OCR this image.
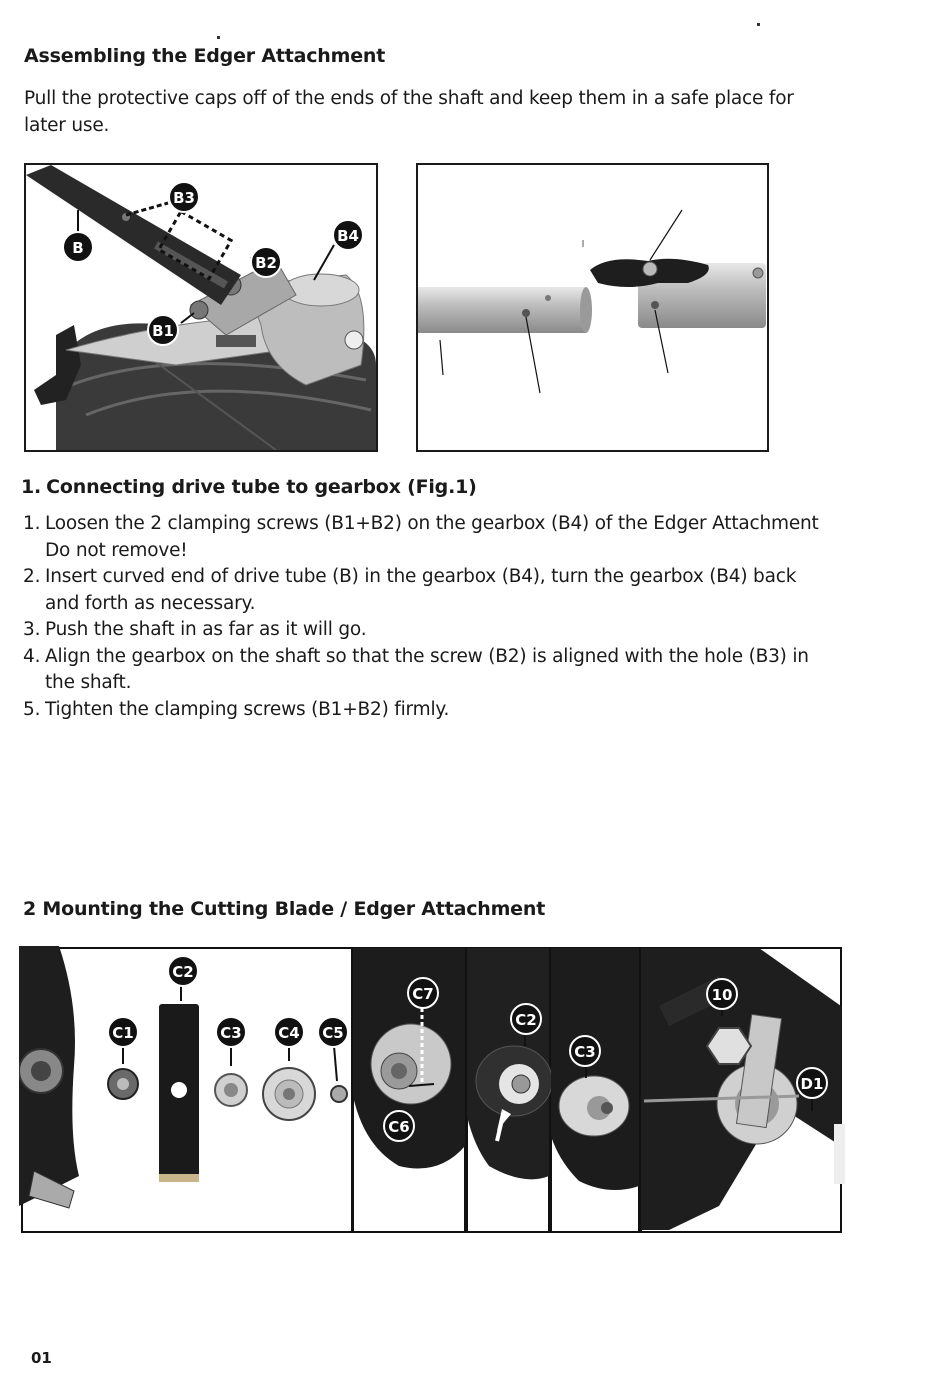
Assembling the Edger Attachment
Pull the protective caps off of the ends of the shaft and keep them in a safe place for
later use.
B
B3
B4
B2
B1
1. Connecting drive tube to gearbox (Fig.1)
1. Loosen the 2 clamping screws (B1+B2) on the gearbox (B4) of the Edger Attachment
Do not remove!
2. Insert curved end of drive tube (B) in the gearbox (B4), turn the gearbox (B4) back
and forth as necessary.
3. Push the shaft in as far as it will go.
4. Align the gearbox on the shaft so that the screw (B2) is aligned with the hole (B3) in
the shaft.
5. Tighten the clamping screws (B1+B2) firmly.
2 Mounting the Cutting Blade / Edger Attachment
C1
C2
C3 C4 C5
C7
C6
C2
C3
10
D1
01
